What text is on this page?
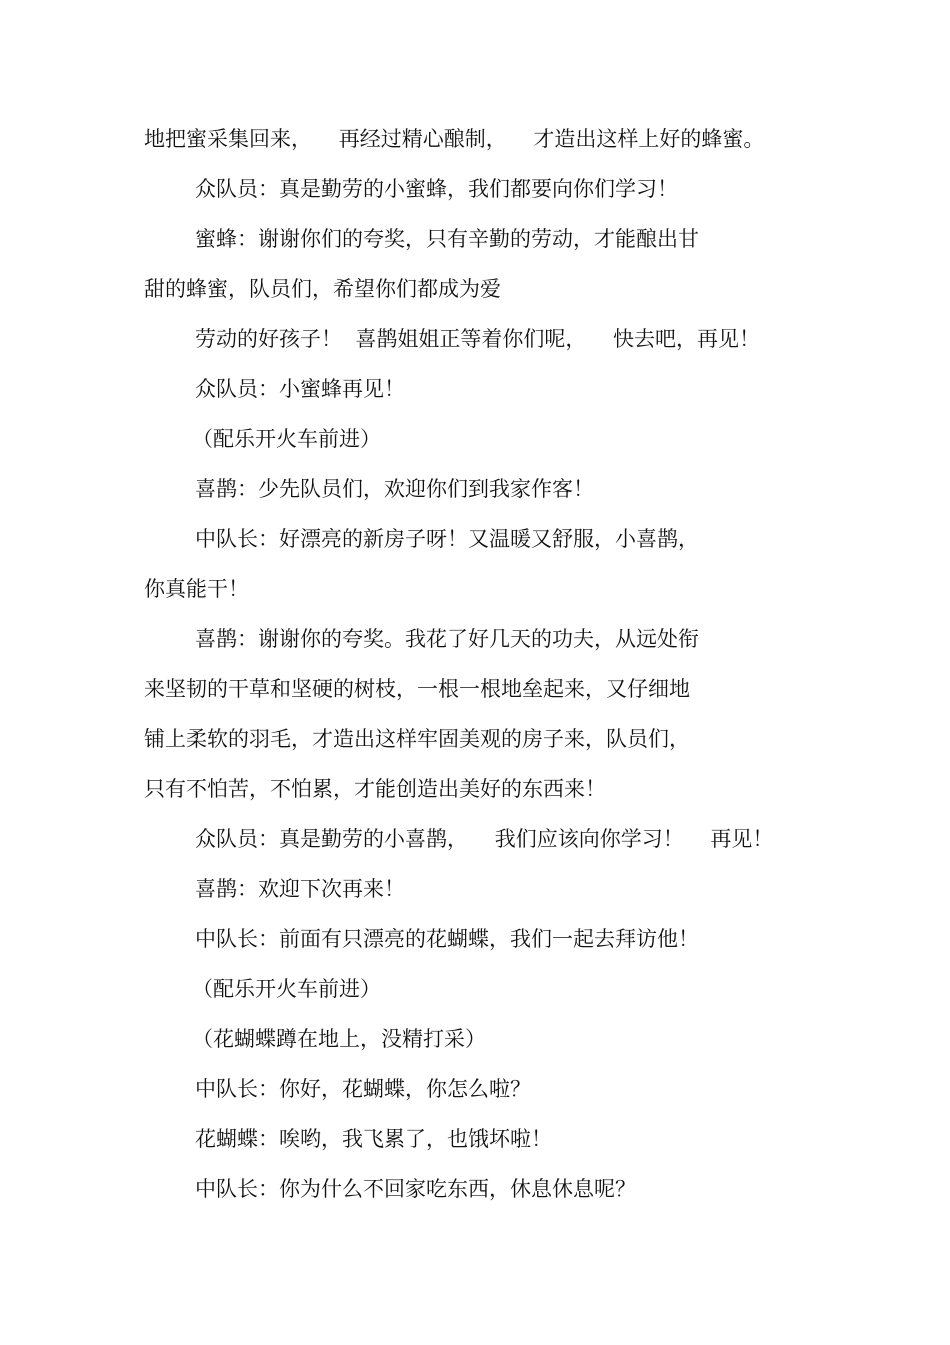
地把蜜采集回来，    再经过精心酿制，    才造出这样上好的蜂蜜。
众队员：真是勤劳的小蜜蜂，我们都要向你们学习！
蜜蜂：谢谢你们的夸奖，只有辛勤的劳动，才能酿出甘
甜的蜂蜜，队员们，希望你们都成为爱
劳动的好孩子！  喜鹊姐姐正等着你们呢，    快去吧，再见！
众队员：小蜜蜂再见！
（配乐开火车前进）
喜鹊：少先队员们，欢迎你们到我家作客！
中队长：好漂亮的新房子呀！又温暖又舒服，小喜鹊，
你真能干！
喜鹊：谢谢你的夸奖。我花了好几天的功夫，从远处衔
来坚韧的干草和坚硬的树枝，一根一根地垒起来，又仔细地
铺上柔软的羽毛，才造出这样牢固美观的房子来，队员们，
只有不怕苦，不怕累，才能创造出美好的东西来！
众队员：真是勤劳的小喜鹊，    我们应该向你学习！    再见！
喜鹊：欢迎下次再来！
中队长：前面有只漂亮的花蝴蝶，我们一起去拜访他！
（配乐开火车前进）
（花蝴蝶蹲在地上，没精打采）
中队长：你好，花蝴蝶，你怎么啦？
花蝴蝶：唉哟，我飞累了，也饿坏啦！
中队长：你为什么不回家吃东西，休息休息呢？
